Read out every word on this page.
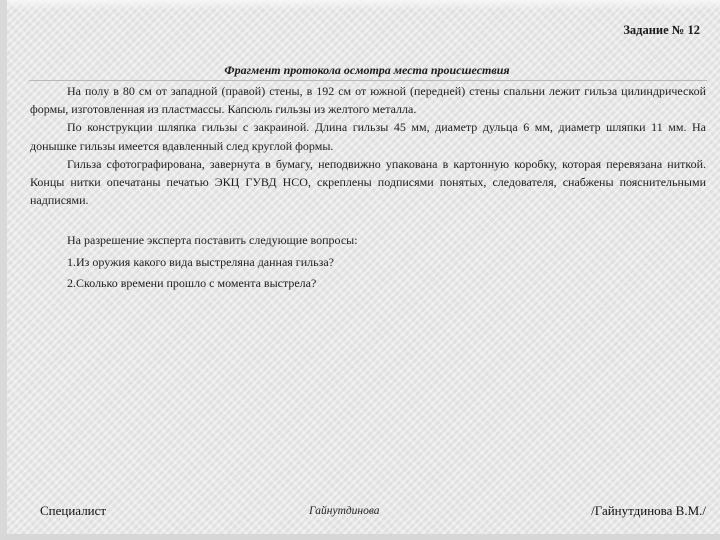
Задание № 12
Фрагмент протокола осмотра места происшествия

На полу в 80 см от западной (правой) стены, в 192 см от южной (передней) стены спальни лежит гильза цилиндрической формы, изготовленная из пластмассы. Капсюль гильзы из желтого металла.

По конструкции шляпка гильзы с закраиной. Длина гильзы 45 мм, диаметр дульца 6 мм, диаметр шляпки 11 мм. На донышке гильзы имеется вдавленный след круглой формы.

Гильза сфотографирована, завернута в бумагу, неподвижно упакована в картонную коробку, которая перевязана ниткой. Концы нитки опечатаны печатью ЭКЦ ГУВД НСО, скреплены подписями понятых, следователя, снабжены пояснительными надписями.

На разрешение эксперта поставить следующие вопросы:

1.Из оружия какого вида выстреляна данная гильза?

2.Сколько времени прошло с момента выстрела?

Специалист	Гайнутдинова	/Гайнутдинова В.М./
